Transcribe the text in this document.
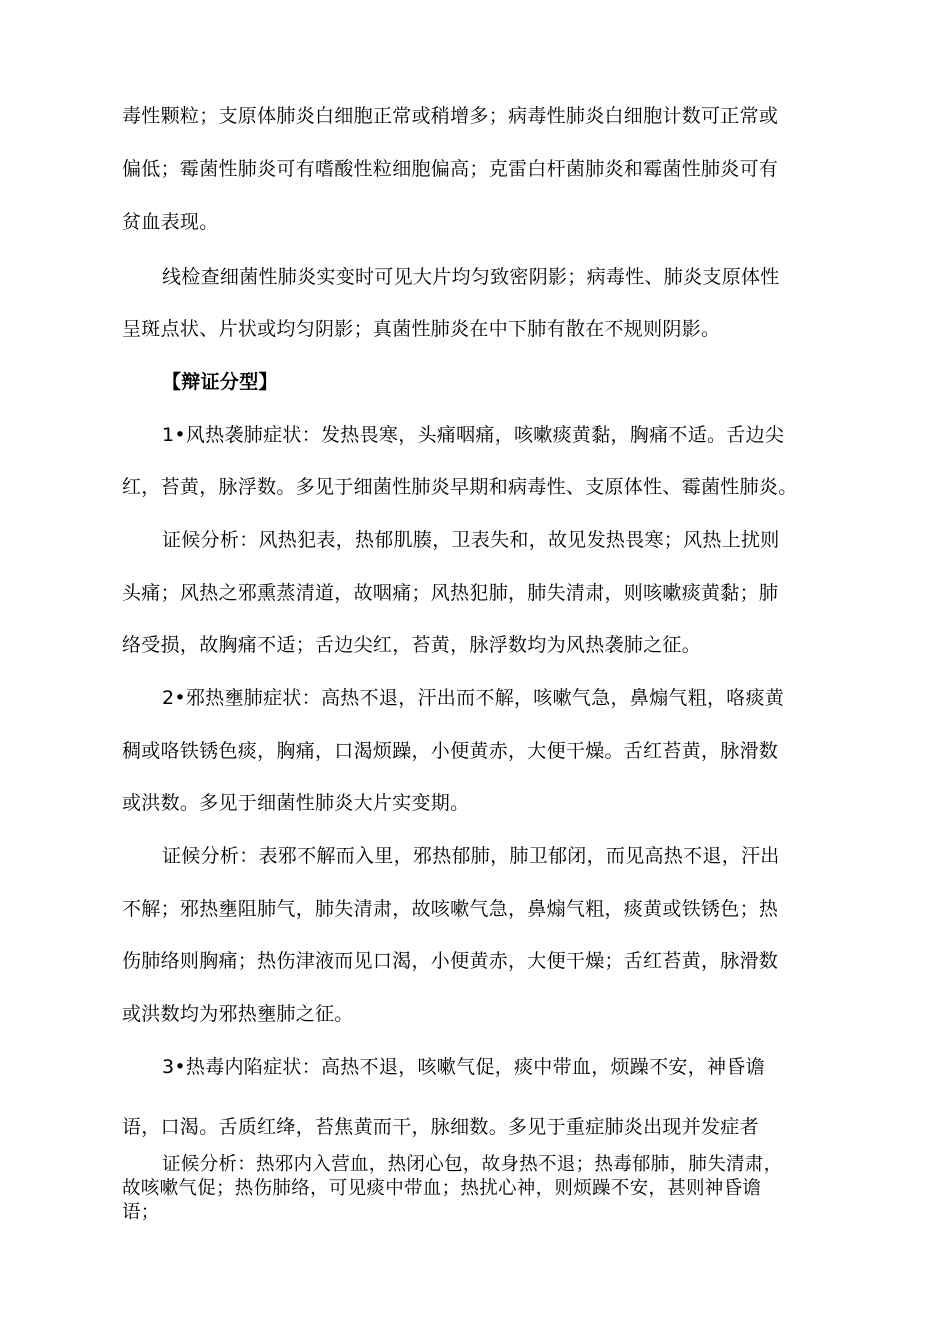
毒性颗粒；支原体肺炎白细胞正常或稍增多；病毒性肺炎白细胞计数可正常或
偏低；霉菌性肺炎可有嗜酸性粒细胞偏高；克雷白杆菌肺炎和霉菌性肺炎可有
贫血表现。
线检查细菌性肺炎实变时可见大片均匀致密阴影；病毒性、肺炎支原体性
呈斑点状、片状或均匀阴影；真菌性肺炎在中下肺有散在不规则阴影。
【辩证分型】
1•风热袭肺症状：发热畏寒，头痛咽痛，咳嗽痰黄黏，胸痛不适。舌边尖
红，苔黄，脉浮数。多见于细菌性肺炎早期和病毒性、支原体性、霉菌性肺炎。
证候分析：风热犯表，热郁肌腠，卫表失和，故见发热畏寒；风热上扰则
头痛；风热之邪熏蒸清道，故咽痛；风热犯肺，肺失清肃，则咳嗽痰黄黏；肺
络受损，故胸痛不适；舌边尖红，苔黄，脉浮数均为风热袭肺之征。
2•邪热壅肺症状：高热不退，汗出而不解，咳嗽气急，鼻煽气粗，咯痰黄
稠或咯铁锈色痰，胸痛，口渴烦躁，小便黄赤，大便干燥。舌红苔黄，脉滑数
或洪数。多见于细菌性肺炎大片实变期。
证候分析：表邪不解而入里，邪热郁肺，肺卫郁闭，而见高热不退，汗出
不解；邪热壅阻肺气，肺失清肃，故咳嗽气急，鼻煽气粗，痰黄或铁锈色；热
伤肺络则胸痛；热伤津液而见口渴，小便黄赤，大便干燥；舌红苔黄，脉滑数
或洪数均为邪热壅肺之征。
3•热毒内陷症状：高热不退，咳嗽气促，痰中带血，烦躁不安，神昏谵
语，口渴。舌质红绛，苔焦黄而干，脉细数。多见于重症肺炎出现并发症者
证候分析：热邪内入营血，热闭心包，故身热不退；热毒郁肺，肺失清肃，
故咳嗽气促；热伤肺络，可见痰中带血；热扰心神，则烦躁不安，甚则神昏谵
语；
